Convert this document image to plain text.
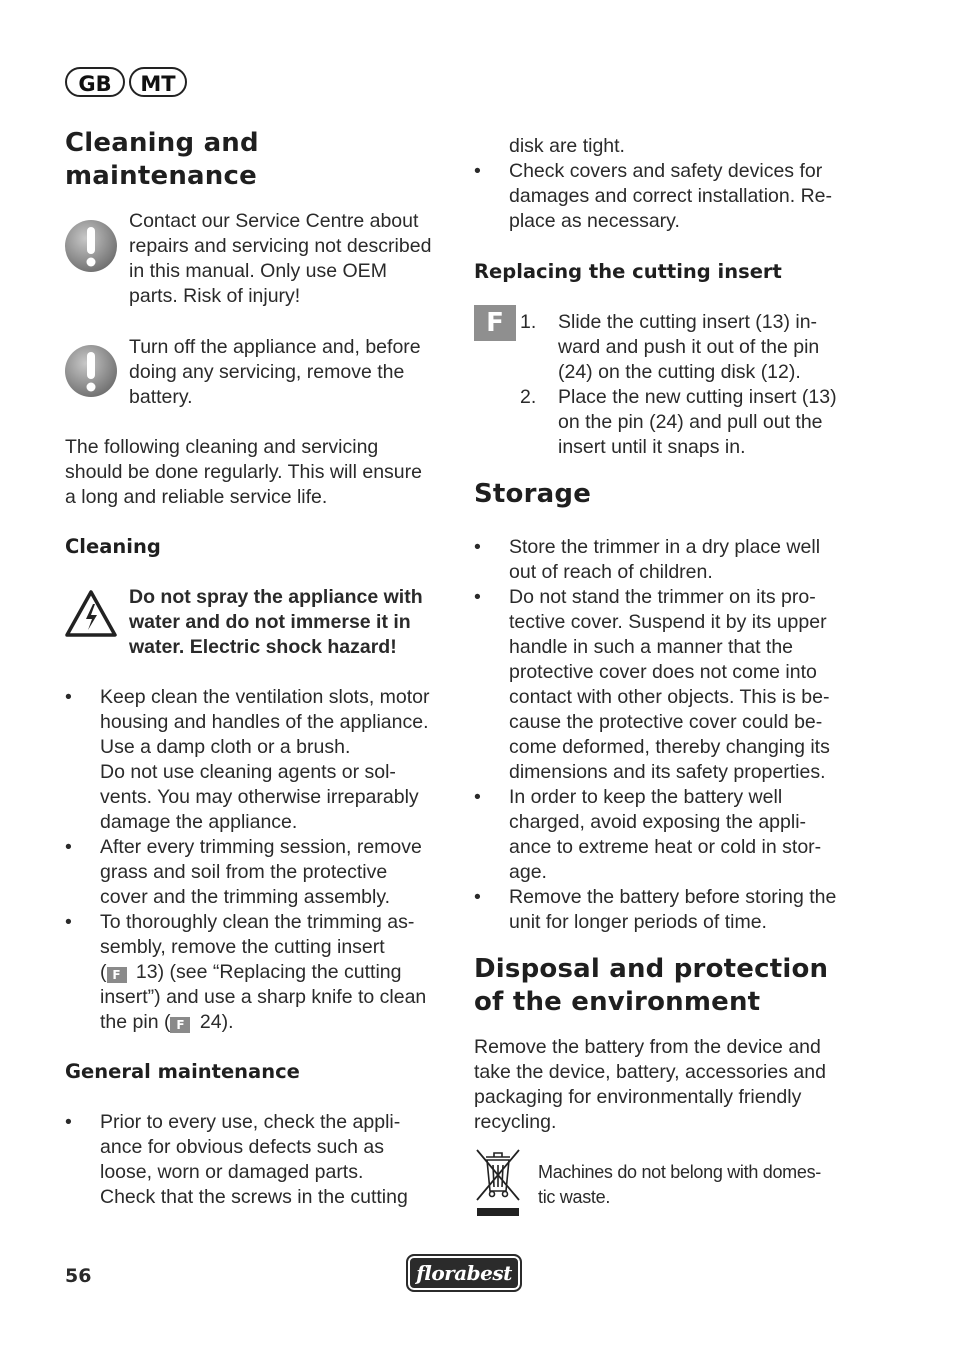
GB	MT
Cleaning and
maintenance
Contact our Service Centre about
repairs and servicing not described
in this manual. Only use OEM
parts. Risk of injury!
Turn off the appliance and, before
doing any servicing, remove the
battery.
The following cleaning and servicing
should be done regularly. This will ensure
a long and reliable service life.
Cleaning
Do not spray the appliance with
water and do not immerse it in
water. Electric shock hazard!
• Keep clean the ventilation slots, motor
housing and handles of the appliance.
Use a damp cloth or a brush.
Do not use cleaning agents or sol-
vents. You may otherwise irreparably
damage the appliance.
• After every trimming session, remove
grass and soil from the protective
cover and the trimming assembly.
• To thoroughly clean the trimming as-
sembly, remove the cutting insert
( F 13) (see “Replacing the cutting
insert”) and use a sharp knife to clean
the pin ( F 24).
General maintenance
• Prior to every use, check the appli-
ance for obvious defects such as
loose, worn or damaged parts.
Check that the screws in the cutting
disk are tight.
• Check covers and safety devices for
damages and correct installation. Re-
place as necessary.
Replacing the cutting insert
F 1. Slide the cutting insert (13) in-
ward and push it out of the pin
(24) on the cutting disk (12).
2. Place the new cutting insert (13)
on the pin (24) and pull out the
insert until it snaps in.
Storage
• Store the trimmer in a dry place well
out of reach of children.
• Do not stand the trimmer on its pro-
tective cover. Suspend it by its upper
handle in such a manner that the
protective cover does not come into
contact with other objects. This is be-
cause the protective cover could be-
come deformed, thereby changing its
dimensions and its safety properties.
• In order to keep the battery well
charged, avoid exposing the appli-
ance to extreme heat or cold in stor-
age.
• Remove the battery before storing the
unit for longer periods of time.
Disposal and protection
of the environment
Remove the battery from the device and
take the device, battery, accessories and
packaging for environmentally friendly
recycling.
Machines do not belong with domes-
tic waste.
56	florabest
